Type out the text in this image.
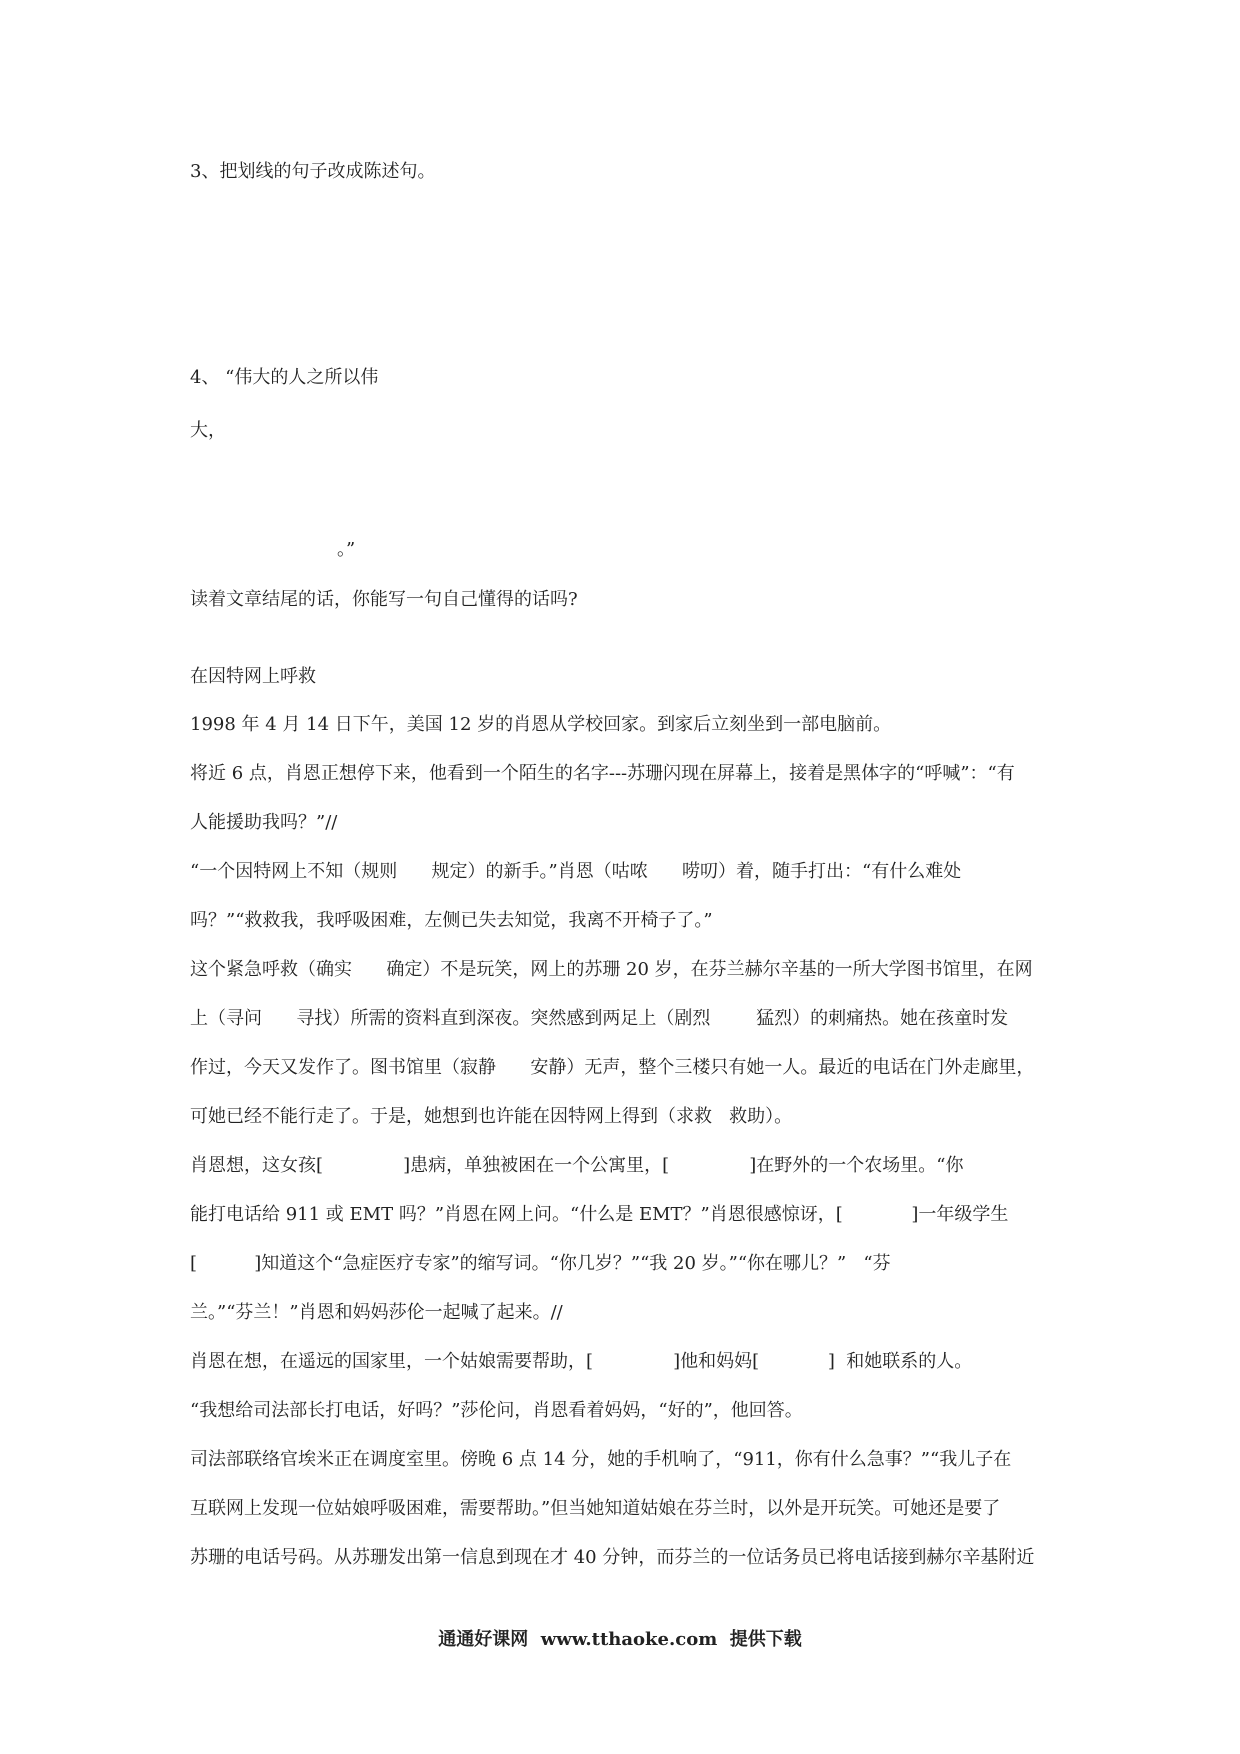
3、把划线的句子改成陈述句。

4、 “伟大的人之所以伟

大，

。”

读着文章结尾的话，你能写一句自己懂得的话吗?

在因特网上呼救

1998 年 4 月 14 日下午，美国 12 岁的肖恩从学校回家。到家后立刻坐到一部电脑前。

将近 6 点，肖恩正想停下来，他看到一个陌生的名字---苏珊闪现在屏幕上，接着是黑体字的“呼喊”：“有

人能援助我吗？”//

“一个因特网上不知（规则      规定）的新手。”肖恩（咕哝      唠叨）着，随手打出：“有什么难处

吗？”“救救我，我呼吸困难，左侧已失去知觉，我离不开椅子了。”

这个紧急呼救（确实      确定）不是玩笑，网上的苏珊 20 岁，在芬兰赫尔辛基的一所大学图书馆里，在网

上（寻问      寻找）所需的资料直到深夜。突然感到两足上（剧烈        猛烈）的刺痛热。她在孩童时发

作过，今天又发作了。图书馆里（寂静      安静）无声，整个三楼只有她一人。最近的电话在门外走廊里，

可她已经不能行走了。于是，她想到也许能在因特网上得到（求救   救助）。

肖恩想，这女孩[              ]患病，单独被困在一个公寓里，[              ]在野外的一个农场里。“你

能打电话给 911 或 EMT 吗？”肖恩在网上问。“什么是 EMT？”肖恩很感惊讶，[            ]一年级学生

[          ]知道这个“急症医疗专家”的缩写词。“你几岁？”“我 20 岁。”“你在哪儿？”   “芬

兰。”“芬兰！”肖恩和妈妈莎伦一起喊了起来。//

肖恩在想，在遥远的国家里，一个姑娘需要帮助，[              ]他和妈妈[            ]  和她联系的人。

“我想给司法部长打电话，好吗？”莎伦问，肖恩看着妈妈，“好的”，他回答。

司法部联络官埃米正在调度室里。傍晚 6 点 14 分，她的手机响了，“911，你有什么急事？”“我儿子在

互联网上发现一位姑娘呼吸困难，需要帮助。”但当她知道姑娘在芬兰时，以外是开玩笑。可她还是要了

苏珊的电话号码。从苏珊发出第一信息到现在才 40 分钟，而芬兰的一位话务员已将电话接到赫尔辛基附近

通通好课网  www.tthaoke.com  提供下载
